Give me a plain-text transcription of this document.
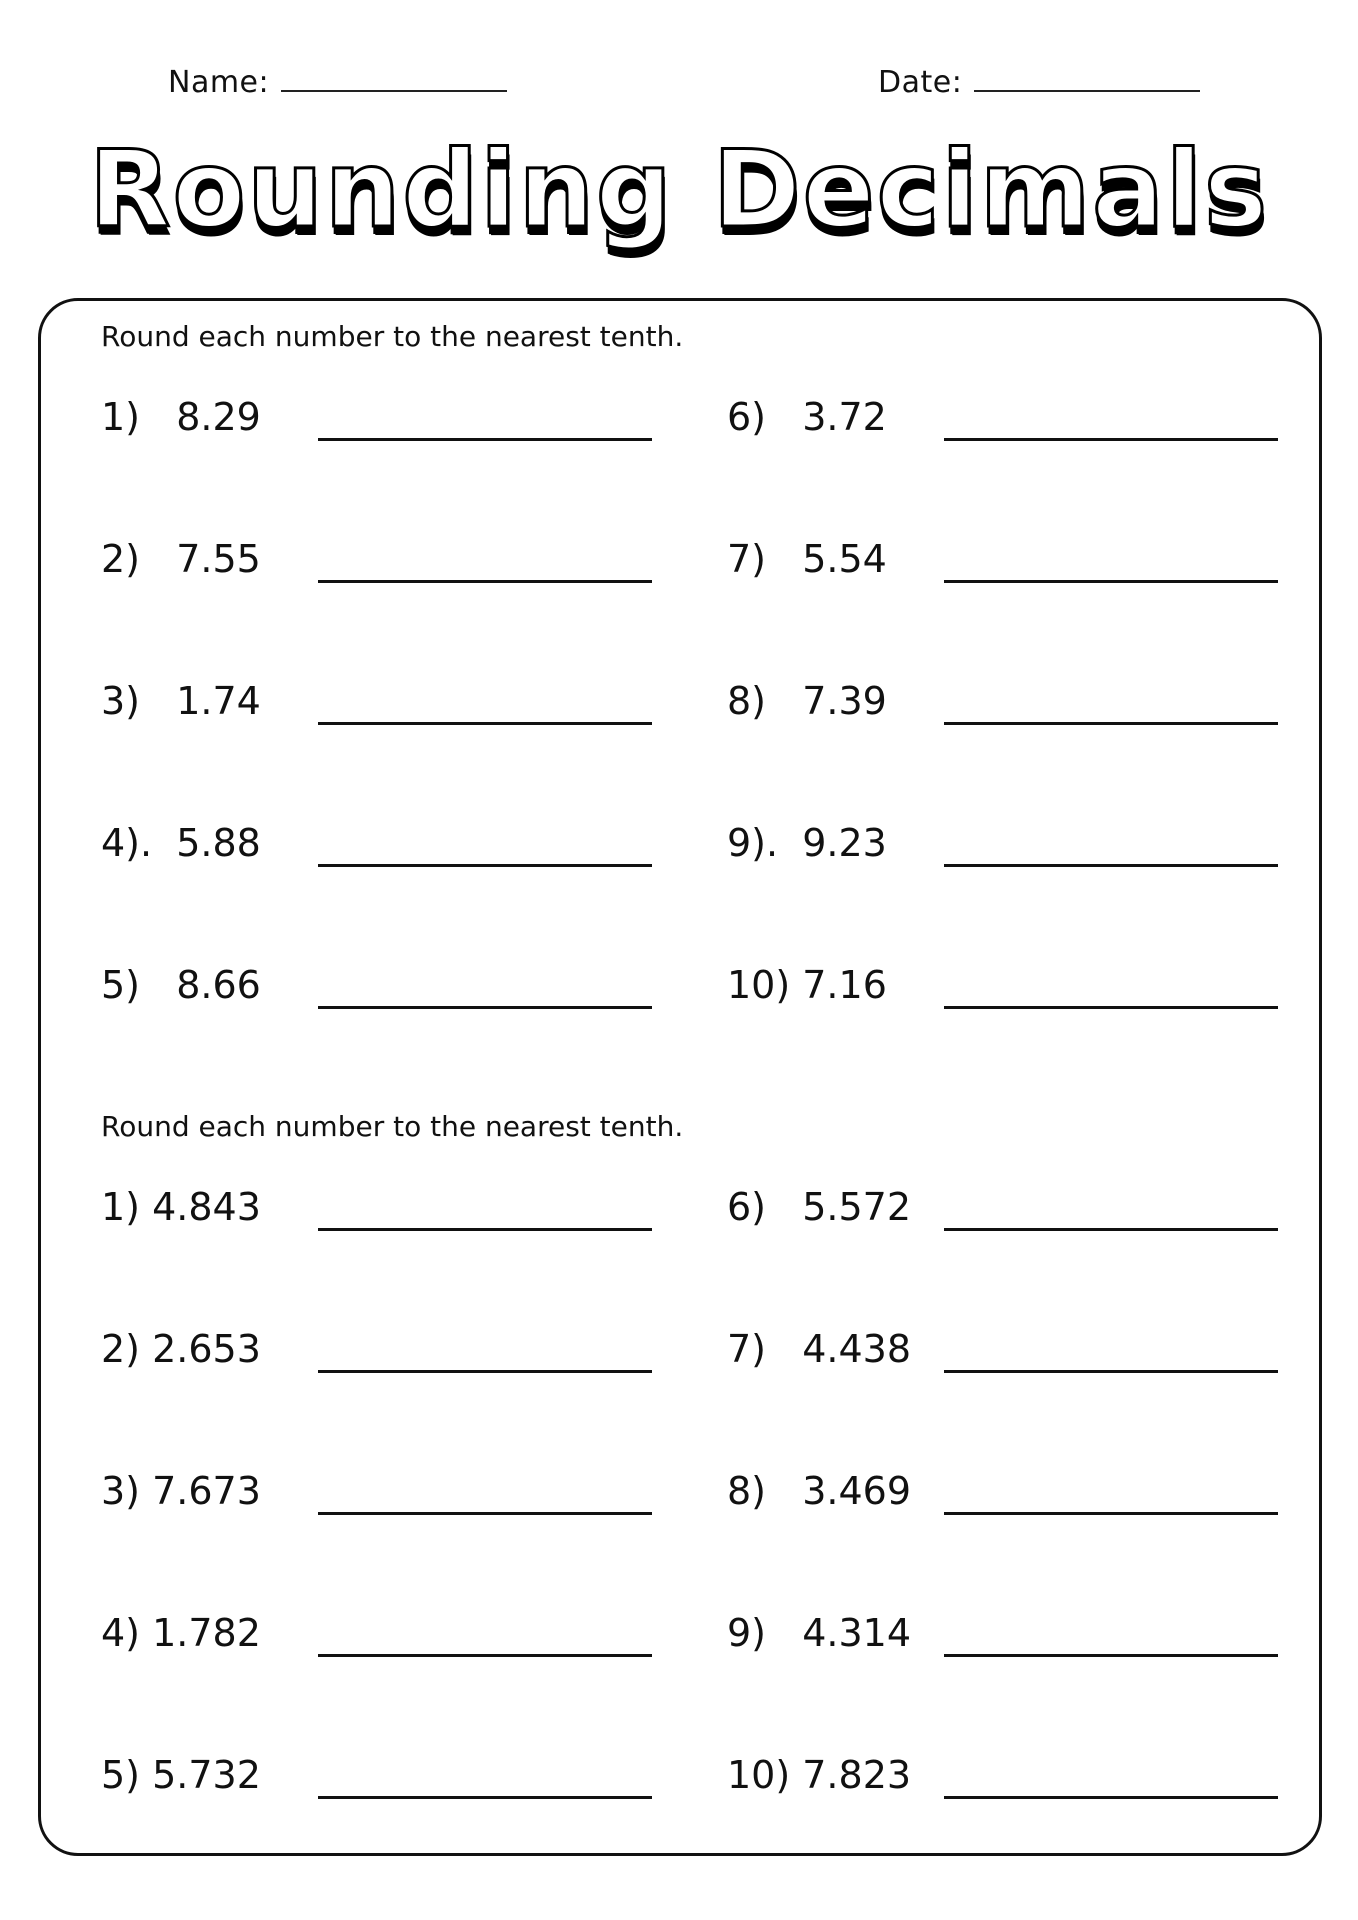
Name:	Date:
Rounding Decimals
Round each number to the nearest tenth.
1)   8.29
2)   7.55
3)   1.74
4).  5.88
5)   8.66
6)   3.72
7)   5.54
8)   7.39
9).  9.23
10) 7.16
Round each number to the nearest tenth.
1) 4.843
2) 2.653
3) 7.673
4) 1.782
5) 5.732
6)   5.572
7)   4.438
8)   3.469
9)   4.314
10) 7.823
